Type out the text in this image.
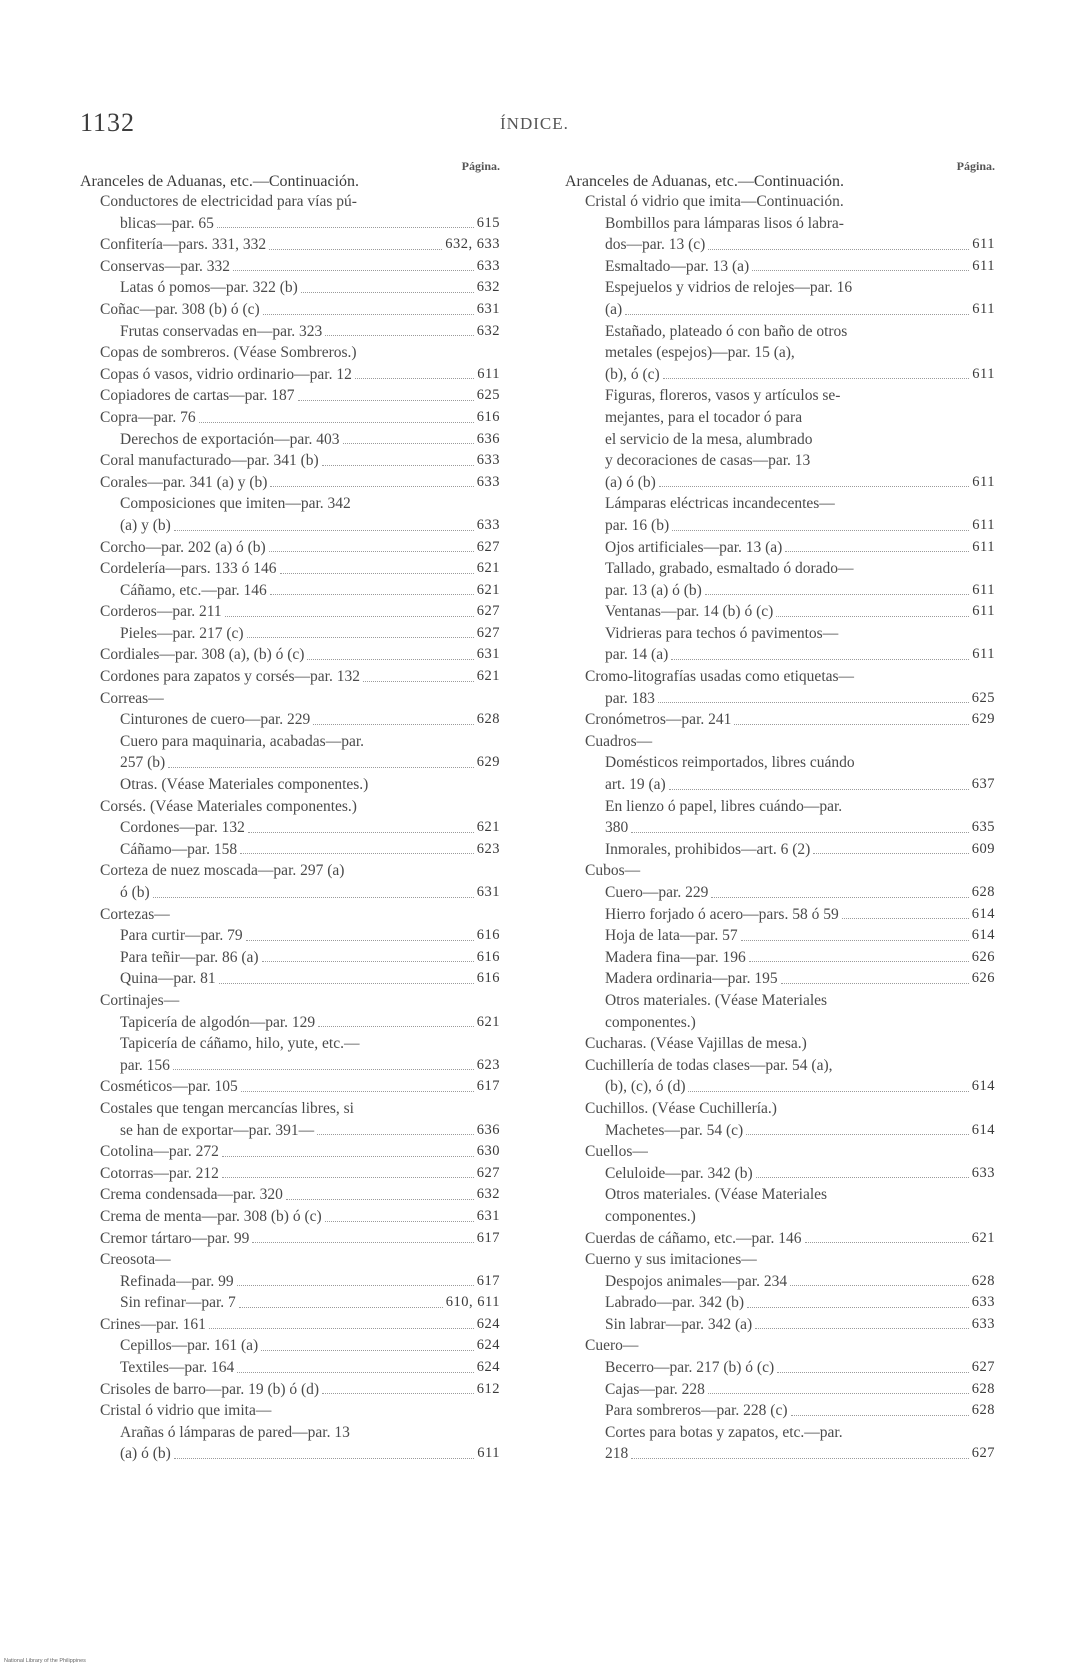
1132	ÍNDICE.
Página.
Aranceles de Aduanas, etc.—Continuación.
Conductores de electricidad para vías pú-
blicas—par. 65	615
Confitería—pars. 331, 332	632, 633
Conservas—par. 332	633
Latas ó pomos—par. 322 (b)	632
Coñac—par. 308 (b) ó (c)	631
Frutas conservadas en—par. 323	632
Copas de sombreros. (Véase Sombreros.)
Copas ó vasos, vidrio ordinario—par. 12	611
Copiadores de cartas—par. 187	625
Copra—par. 76	616
Derechos de exportación—par. 403	636
Coral manufacturado—par. 341 (b)	633
Corales—par. 341 (a) y (b)	633
Composiciones que imiten—par. 342
(a) y (b)	633
Corcho—par. 202 (a) ó (b)	627
Cordelería—pars. 133 ó 146	621
Cáñamo, etc.—par. 146	621
Corderos—par. 211	627
Pieles—par. 217 (c)	627
Cordiales—par. 308 (a), (b) ó (c)	631
Cordones para zapatos y corsés—par. 132	621
Correas—
Cinturones de cuero—par. 229	628
Cuero para maquinaria, acabadas—par.
257 (b)	629
Otras. (Véase Materiales componentes.)
Corsés. (Véase Materiales componentes.)
Cordones—par. 132	621
Cáñamo—par. 158	623
Corteza de nuez moscada—par. 297 (a)
ó (b)	631
Cortezas—
Para curtir—par. 79	616
Para teñir—par. 86 (a)	616
Quina—par. 81	616
Cortinajes—
Tapicería de algodón—par. 129	621
Tapicería de cáñamo, hilo, yute, etc.—
par. 156	623
Cosméticos—par. 105	617
Costales que tengan mercancías libres, si
se han de exportar—par. 391—	636
Cotolina—par. 272	630
Cotorras—par. 212	627
Crema condensada—par. 320	632
Crema de menta—par. 308 (b) ó (c)	631
Cremor tártaro—par. 99	617
Creosota—
Refinada—par. 99	617
Sin refinar—par. 7	610, 611
Crines—par. 161	624
Cepillos—par. 161 (a)	624
Textiles—par. 164	624
Crisoles de barro—par. 19 (b) ó (d)	612
Cristal ó vidrio que imita—
Arañas ó lámparas de pared—par. 13
(a) ó (b)	611
Página.
Aranceles de Aduanas, etc.—Continuación.
Cristal ó vidrio que imita—Continuación.
Bombillos para lámparas lisos ó labra-
dos—par. 13 (c)	611
Esmaltado—par. 13 (a)	611
Espejuelos y vidrios de relojes—par. 16
(a)	611
Estañado, plateado ó con baño de otros
metales (espejos)—par. 15 (a),
(b), ó (c)	611
Figuras, floreros, vasos y artículos se-
mejantes, para el tocador ó para
el servicio de la mesa, alumbrado
y decoraciones de casas—par. 13
(a) ó (b)	611
Lámparas eléctricas incandecentes—
par. 16 (b)	611
Ojos artificiales—par. 13 (a)	611
Tallado, grabado, esmaltado ó dorado—
par. 13 (a) ó (b)	611
Ventanas—par. 14 (b) ó (c)	611
Vidrieras para techos ó pavimentos—
par. 14 (a)	611
Cromo-litografías usadas como etiquetas—
par. 183	625
Cronómetros—par. 241	629
Cuadros—
Domésticos reimportados, libres cuándo
art. 19 (a)	637
En lienzo ó papel, libres cuándo—par.
380	635
Inmorales, prohibidos—art. 6 (2)	609
Cubos—
Cuero—par. 229	628
Hierro forjado ó acero—pars. 58 ó 59	614
Hoja de lata—par. 57	614
Madera fina—par. 196	626
Madera ordinaria—par. 195	626
Otros materiales. (Véase Materiales
componentes.)
Cucharas. (Véase Vajillas de mesa.)
Cuchillería de todas clases—par. 54 (a),
(b), (c), ó (d)	614
Cuchillos. (Véase Cuchillería.)
Machetes—par. 54 (c)	614
Cuellos—
Celuloide—par. 342 (b)	633
Otros materiales. (Véase Materiales
componentes.)
Cuerdas de cáñamo, etc.—par. 146	621
Cuerno y sus imitaciones—
Despojos animales—par. 234	628
Labrado—par. 342 (b)	633
Sin labrar—par. 342 (a)	633
Cuero—
Becerro—par. 217 (b) ó (c)	627
Cajas—par. 228	628
Para sombreros—par. 228 (c)	628
Cortes para botas y zapatos, etc.—par.
218	627
National Library of the Philippines
